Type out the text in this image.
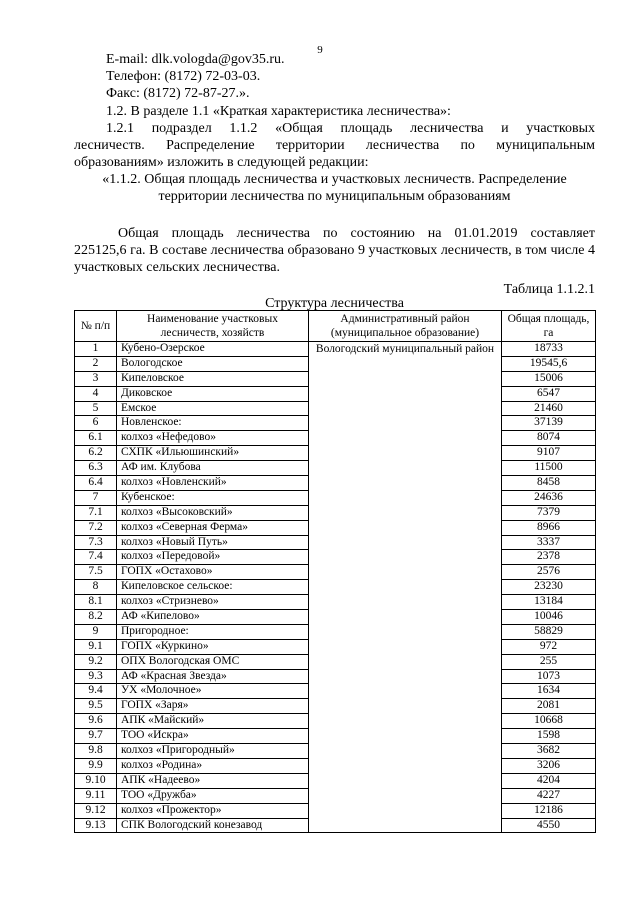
9
E-mail: dlk.vologda@gov35.ru.
Телефон: (8172) 72-03-03.
Факс: (8172) 72-87-27.».
1.2. В разделе 1.1 «Краткая характеристика лесничества»:
1.2.1 подраздел 1.1.2 «Общая площадь лесничества и участковых
лесничеств. Распределение территории лесничества по муниципальным образованиям» изложить в следующей редакции:
«1.1.2. Общая площадь лесничества и участковых лесничеств. Распределение
территории лесничества по муниципальным образованиям
Общая площадь лесничества по состоянию на 01.01.2019 составляет
225125,6 га. В составе лесничества образовано 9 участковых лесничеств, в том числе 4 участковых сельских лесничества.
Таблица 1.1.2.1
Структура лесничества
№ п/п	Наименование участковых лесничеств, хозяйств	Административный район (муниципальное образование)	Общая площадь, га
1	Кубено-Озерское	Вологодский муниципальный район	18733
2	Вологодское		19545,6
3	Кипеловское		15006
4	Диковское		6547
5	Емское		21460
6	Новленское:		37139
6.1	колхоз «Нефедово»		8074
6.2	СХПК «Ильюшинский»		9107
6.3	АФ им. Клубова		11500
6.4	колхоз «Новленский»		8458
7	Кубенское:		24636
7.1	колхоз «Высоковский»		7379
7.2	колхоз «Северная Ферма»		8966
7.3	колхоз «Новый Путь»		3337
7.4	колхоз «Передовой»		2378
7.5	ГОПХ «Остахово»		2576
8	Кипеловское сельское:		23230
8.1	колхоз «Стризнево»		13184
8.2	АФ «Кипелово»		10046
9	Пригородное:		58829
9.1	ГОПХ «Куркино»		972
9.2	ОПХ Вологодская ОМС		255
9.3	АФ «Красная Звезда»		1073
9.4	УХ «Молочное»		1634
9.5	ГОПХ «Заря»		2081
9.6	АПК «Майский»		10668
9.7	ТОО «Искра»		1598
9.8	колхоз «Пригородный»		3682
9.9	колхоз «Родина»		3206
9.10	АПК «Надеево»		4204
9.11	ТОО «Дружба»		4227
9.12	колхоз «Прожектор»		12186
9.13	СПК Вологодский конезавод		4550
